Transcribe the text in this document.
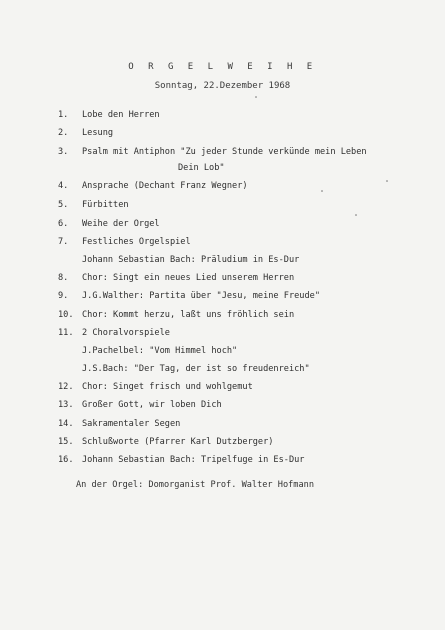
O R G E L W E I H E
Sonntag, 22.Dezember 1968
1.	Lobe den Herren
2.	Lesung
3.	Psalm mit Antiphon "Zu jeder Stunde verkünde mein Leben
Dein Lob"
4.	Ansprache (Dechant Franz Wegner)
5.	Fürbitten
6.	Weihe der Orgel
7.	Festliches Orgelspiel
Johann Sebastian Bach: Präludium in Es-Dur
8.	Chor: Singt ein neues Lied unserem Herren
9.	J.G.Walther: Partita über "Jesu, meine Freude"
10. Chor: Kommt herzu, laßt uns fröhlich sein
11. 2 Choralvorspiele
J.Pachelbel: "Vom Himmel hoch"
J.S.Bach: "Der Tag, der ist so freudenreich"
12. Chor: Singet frisch und wohlgemut
13. Großer Gott, wir loben Dich
14. Sakramentaler Segen
15. Schlußworte (Pfarrer Karl Dutzberger)
16. Johann Sebastian Bach: Tripelfuge in Es-Dur
An der Orgel: Domorganist Prof. Walter Hofmann
